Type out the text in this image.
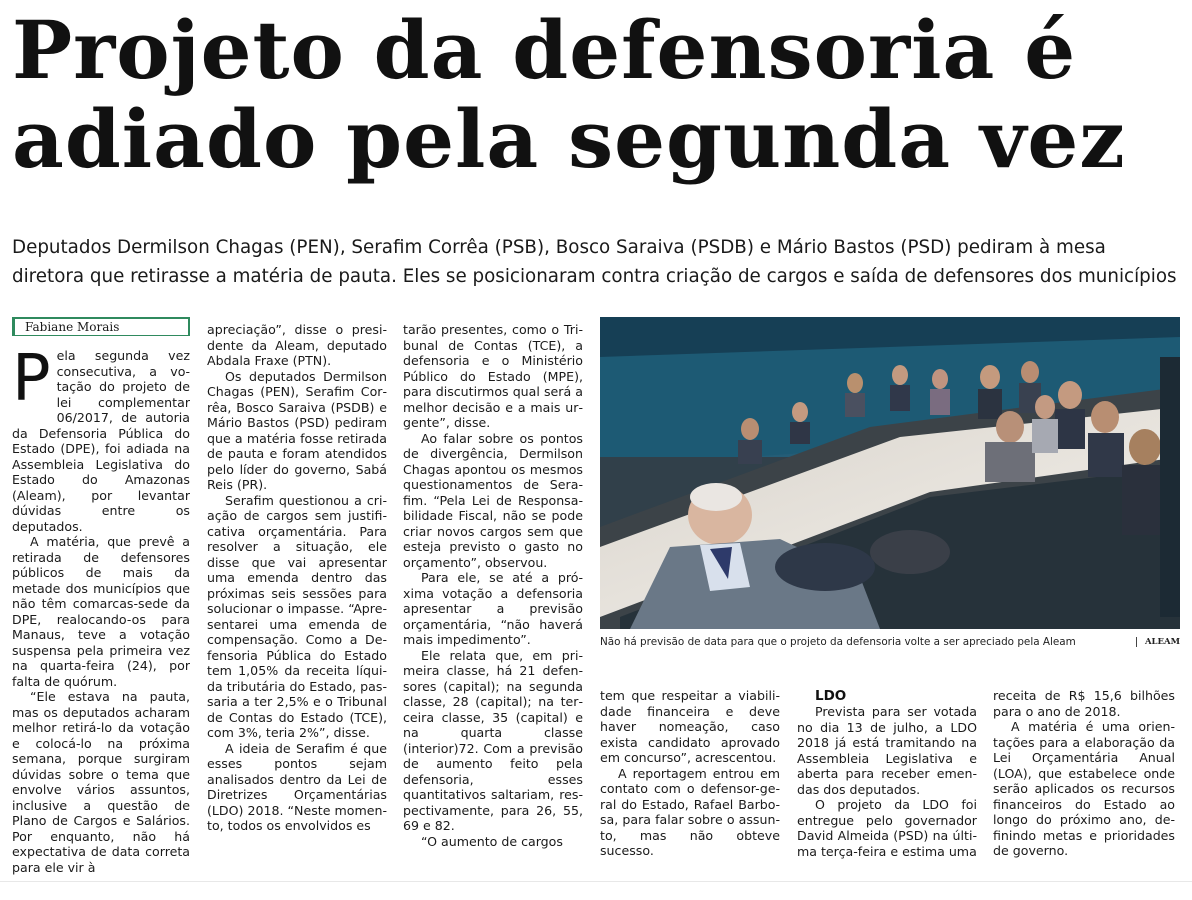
Projeto da defensoria é adiado pela segunda vez

Deputados Dermilson Chagas (PEN), Serafim Corrêa (PSB), Bosco Saraiva (PSDB) e Mário Bastos (PSD) pediram à mesa diretora que retirasse a matéria de pauta. Eles se posicionaram contra criação de cargos e saída de defensores dos municípios

Fabiane Morais
P ela segunda vez consecutiva, a votação do projeto de lei complementar 06/2017, de autoria da Defensoria Pública do Estado (DPE), foi adiada na Assembleia Legislativa do Estado do Amazonas (Aleam), por levantar dúvidas entre os deputados.

A matéria, que prevê a retirada de defensores públicos de mais da metade dos municípios que não têm comarcas-sede da DPE, realocando-os para Manaus, teve a votação suspensa pela primeira vez na quarta-feira (24), por falta de quórum.

“Ele estava na pauta, mas os deputados acharam melhor retirá-lo da votação e colocá-lo na próxima semana, porque surgiram dúvidas sobre o tema que envolve vários assuntos, inclusive a questão de Plano de Cargos e Salários. Por enquanto, não há expectativa de data correta para ele vir à

apreciação”, disse o presidente da Aleam, deputado Abdala Fraxe (PTN).

Os deputados Dermilson Chagas (PEN), Serafim Corrêa, Bosco Saraiva (PSDB) e Mário Bastos (PSD) pediram que a matéria fosse retirada de pauta e foram atendidos pelo líder do governo, Sabá Reis (PR).

Serafim questionou a criação de cargos sem justificativa orçamentária. Para resolver a situação, ele disse que vai apresentar uma emenda dentro das próximas seis sessões para solucionar o impasse. “Apresentarei uma emenda de compensação. Como a Defensoria Pública do Estado tem 1,05% da receita líquida tributária do Estado, passaria a ter 2,5% e o Tribunal de Contas do Estado (TCE), com 3%, teria 2%”, disse.

A ideia de Serafim é que esses pontos sejam analisados dentro da Lei de Diretrizes Orçamentárias (LDO) 2018. “Neste momento, todos os envolvidos es

tarão presentes, como o Tribunal de Contas (TCE), a defensoria e o Ministério Público do Estado (MPE), para discutirmos qual será a melhor decisão e a mais urgente”, disse.

Ao falar sobre os pontos de divergência, Dermilson Chagas apontou os mesmos questionamentos de Serafim. “Pela Lei de Responsabilidade Fiscal, não se pode criar novos cargos sem que esteja previsto o gasto no orçamento”, observou.

Para ele, se até a próxima votação a defensoria apresentar a previsão orçamentária, “não haverá mais impedimento”.

Ele relata que, em primeira classe, há 21 defensores (capital); na segunda classe, 28 (capital); na terceira classe, 35 (capital) e na quarta classe (interior)72. Com a previsão de aumento feito pela defensoria, esses quantitativos saltariam, respectivamente, para 26, 55, 69 e 82.

“O aumento de cargos

Não há previsão de data para que o projeto da defensoria volte a ser apreciado pela Aleam	ALEAM

tem que respeitar a viabilidade financeira e deve haver nomeação, caso exista candidato aprovado em concurso”, acrescentou.

A reportagem entrou em contato com o defensor-geral do Estado, Rafael Barbosa, para falar sobre o assunto, mas não obteve sucesso.

LDO

Prevista para ser votada no dia 13 de julho, a LDO 2018 já está tramitando na Assembleia Legislativa e aberta para receber emendas dos deputados.

O projeto da LDO foi entregue pelo governador David Almeida (PSD) na última terça-feira e estima uma

receita de R$ 15,6 bilhões para o ano de 2018.

A matéria é uma orientações para a elaboração da Lei Orçamentária Anual (LOA), que estabelece onde serão aplicados os recursos financeiros do Estado ao longo do próximo ano, definindo metas e prioridades de governo.
